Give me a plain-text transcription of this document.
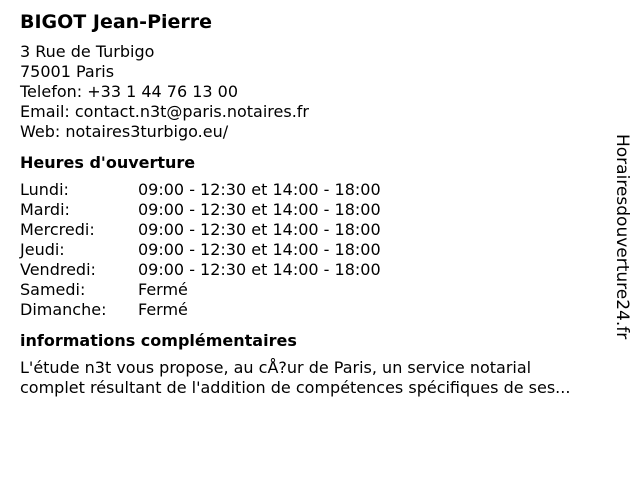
BIGOT Jean-Pierre
3 Rue de Turbigo
75001 Paris
Telefon: +33 1 44 76 13 00
Email: contact.n3t@paris.notaires.fr
Web: notaires3turbigo.eu/
Heures d'ouverture
Lundi:	09:00 - 12:30 et 14:00 - 18:00
Mardi:	09:00 - 12:30 et 14:00 - 18:00
Mercredi:	09:00 - 12:30 et 14:00 - 18:00
Jeudi:	09:00 - 12:30 et 14:00 - 18:00
Vendredi:	09:00 - 12:30 et 14:00 - 18:00
Samedi:	Fermé
Dimanche:	Fermé
informations complémentaires
L'étude n3t vous propose, au cÅ?ur de Paris, un service notarial
complet résultant de l'addition de compétences spécifiques de ses...
Horairesdouverture24.fr
